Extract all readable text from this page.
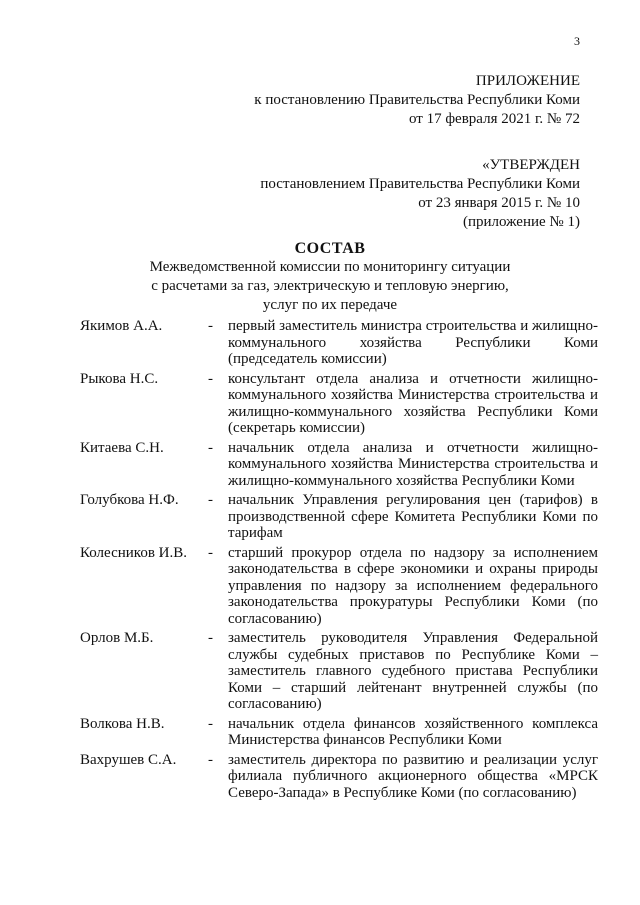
3
ПРИЛОЖЕНИЕ
к постановлению Правительства Республики Коми
от 17 февраля 2021 г. № 72
«УТВЕРЖДЕН
постановлением Правительства Республики Коми
от 23 января 2015 г. № 10
(приложение № 1)
СОСТАВ
Межведомственной комиссии по мониторингу ситуации
с расчетами за газ, электрическую и тепловую энергию,
услуг по их передаче
Якимов А.А.	- первый заместитель министра строительства и жилищно-коммунального хозяйства Республики Коми (председатель комиссии)
Рыкова Н.С.	- консультант отдела анализа и отчетности жилищно-коммунального хозяйства Министерства строительства и жилищно-коммунального хозяйства Республики Коми (секретарь комиссии)
Китаева С.Н.	- начальник отдела анализа и отчетности жилищно-коммунального хозяйства Министерства строительства и жилищно-коммунального хозяйства Республики Коми
Голубкова Н.Ф. - начальник Управления регулирования цен (тарифов) в производственной сфере Комитета Республики Коми по тарифам
Колесников И.В. - старший прокурор отдела по надзору за исполнением законодательства в сфере экономики и охраны природы управления по надзору за исполнением федерального законодательства прокуратуры Республики Коми (по согласованию)
Орлов М.Б.	- заместитель руководителя Управления Федеральной службы судебных приставов по Республике Коми – заместитель главного судебного пристава Республики Коми – старший лейтенант внутренней службы (по согласованию)
Волкова Н.В.	- начальник отдела финансов хозяйственного комплекса Министерства финансов Республики Коми
Вахрушев С.А. - заместитель директора по развитию и реализации услуг филиала публичного акционерного общества «МРСК Северо-Запада» в Республике Коми (по согласованию)
